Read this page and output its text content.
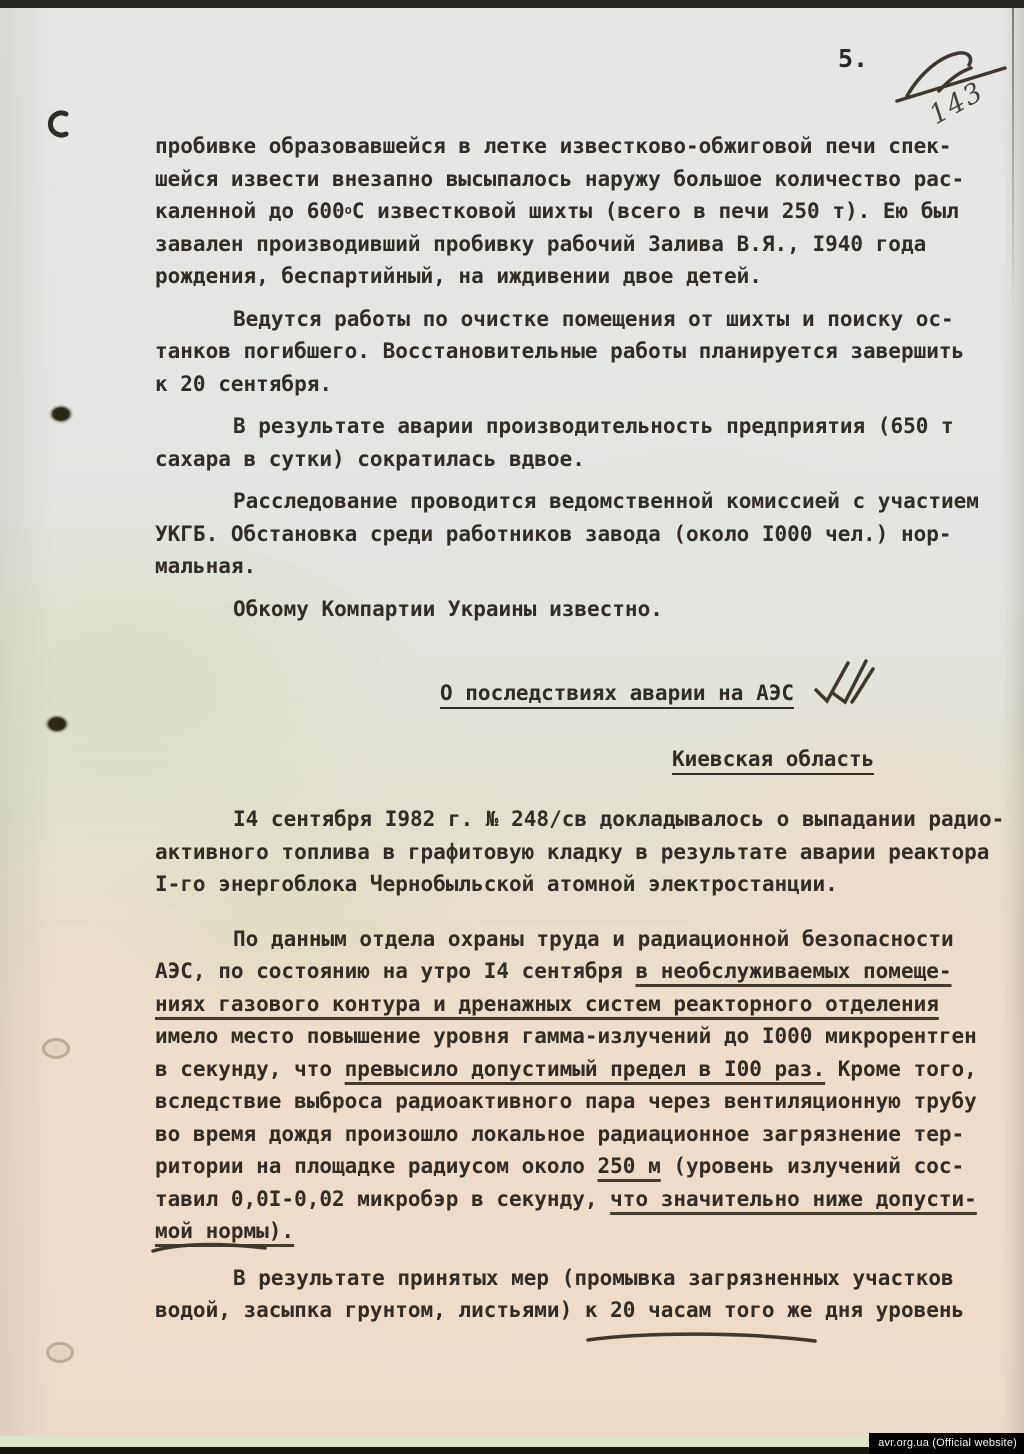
5.
143
пробивке образовавшейся в летке известково-обжиговой печи спек-
шейся извести внезапно высыпалось наружу большое количество рас-
каленной до $600^оС$ известковой шихты (всего в печи 250 т). Ею был
завален производивший пробивку рабочий Залива В.Я., I940 года
рождения, беспартийный, на иждивении двое детей.
Ведутся работы по очистке помещения от шихты и поиску ос-
танков погибшего. Восстановительные работы планируется завершить
к 20 сентября.
В результате аварии производительность предприятия (650 т
сахара в сутки) сократилась вдвое.
Расследование проводится ведомственной комиссией с участием
УКГБ. Обстановка среди работников завода (около I000 чел.) нор-
мальная.
Обкому Компартии Украины известно.
О последствиях аварии на АЭС
Киевская область
I4 сентября I982 г. № 248/св докладывалось о выпадании радио-
активного топлива в графитовую кладку в результате аварии реактора
I-го энергоблока Чернобыльской атомной электростанции.
По данным отдела охраны труда и радиационной безопасности
АЭС, по состоянию на утро I4 сентября в необслуживаемых помеще-
ниях газового контура и дренажных систем реакторного отделения
имело место повышение уровня гамма-излучений до I000 микрорентген
в секунду, что превысило допустимый предел в I00 раз. Кроме того,
вследствие выброса радиоактивного пара через вентиляционную трубу
во время дождя произошло локальное радиационное загрязнение тер-
ритории на площадке радиусом около 250 м (уровень излучений сос-
тавил 0,0I-0,02 микробэр в секунду, что значительно ниже допусти-
мой нормы).
В результате принятых мер (промывка загрязненных участков
водой, засыпка грунтом, листьями) к 20 часам того же дня уровень
avr.org.ua (Official website)
